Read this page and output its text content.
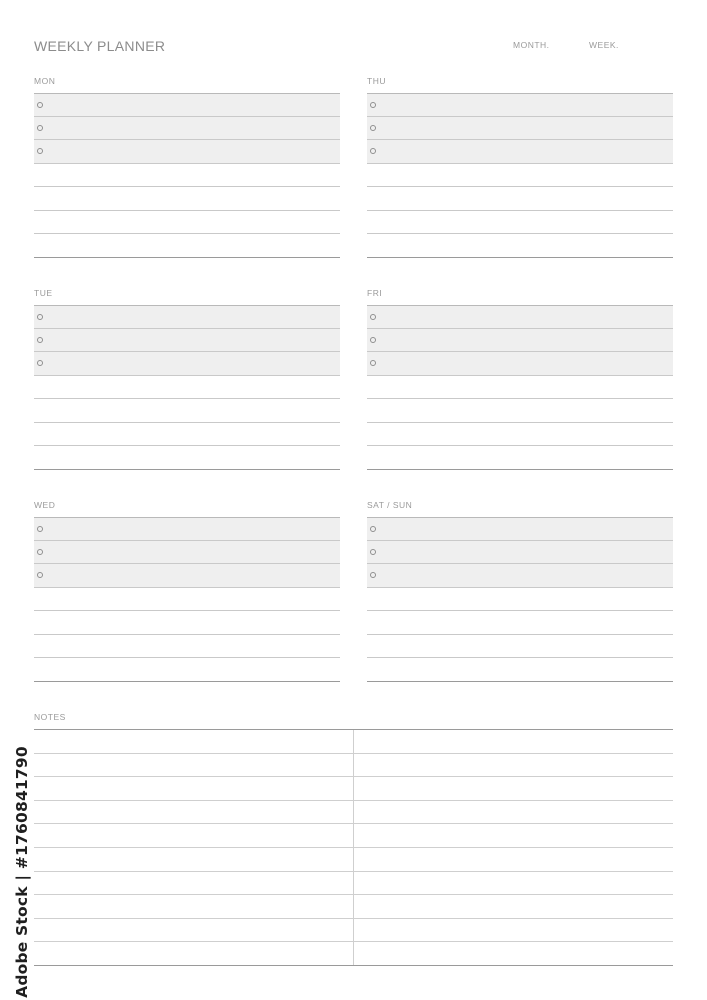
WEEKLY PLANNER	MONTH.	WEEK.
MON	THU
TUE	FRI
WED	SAT / SUN
NOTES
Adobe Stock | #1760841790
